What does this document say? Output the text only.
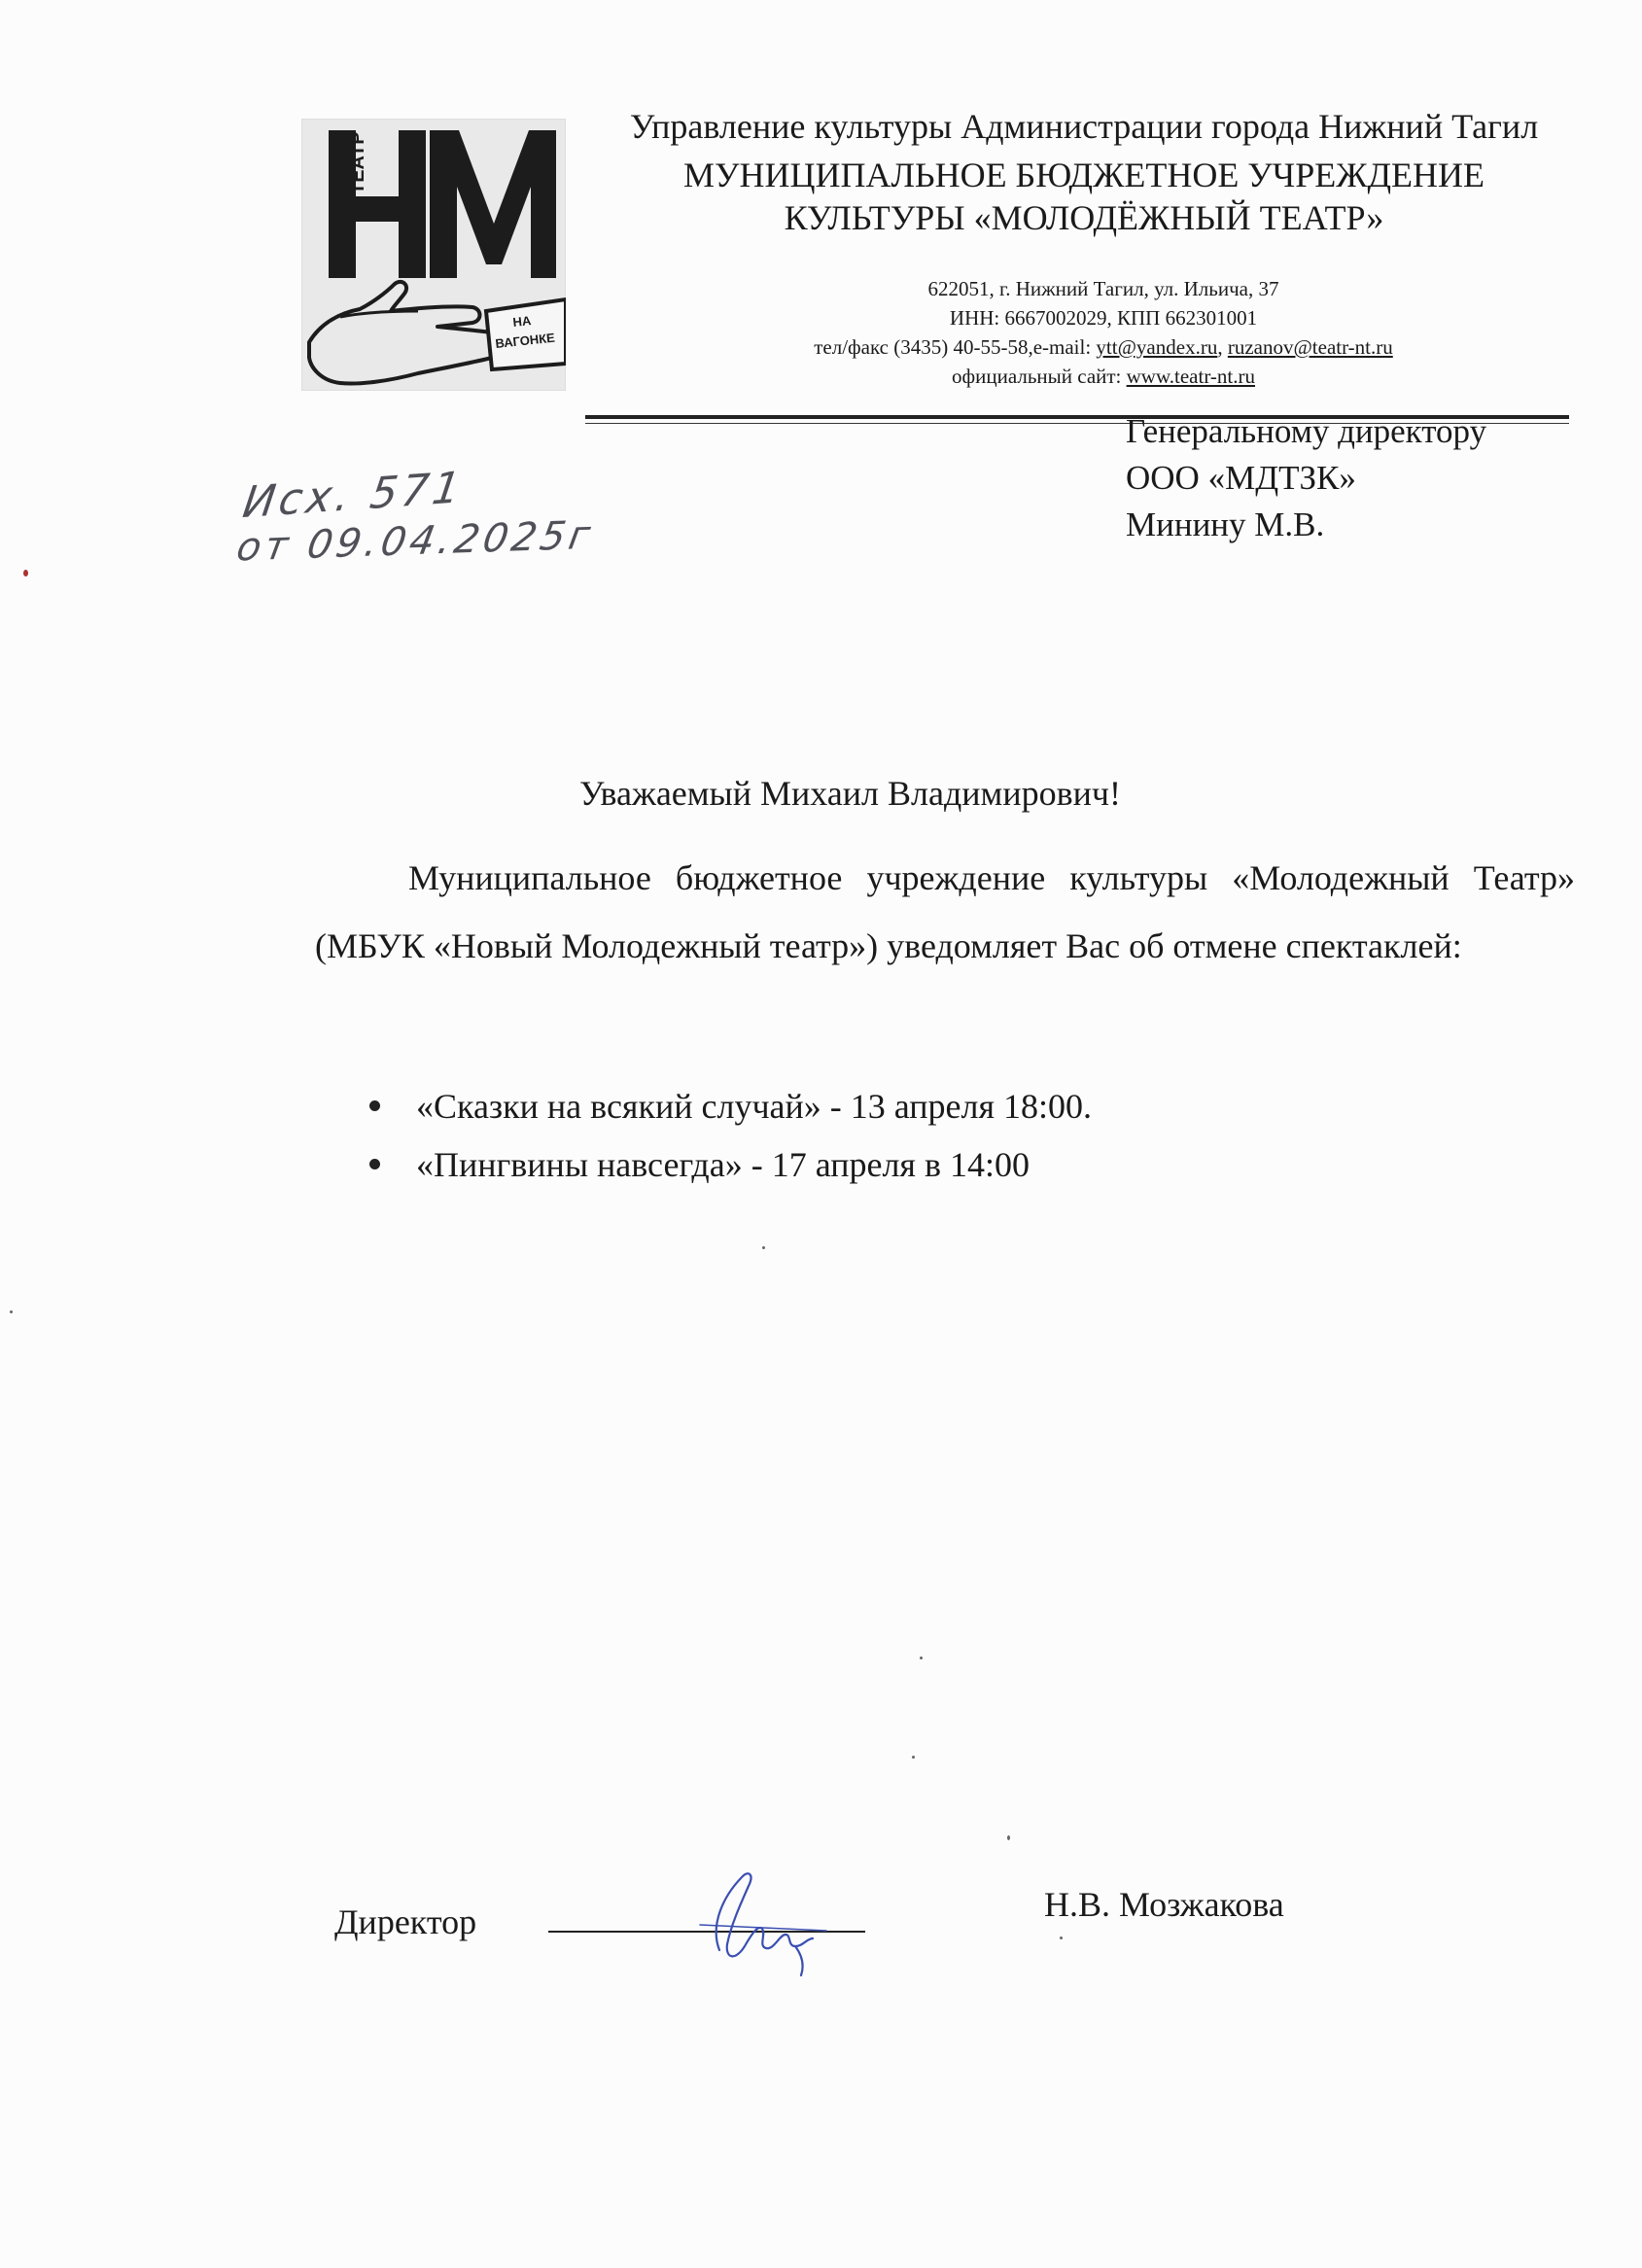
ТЕАТР
НА
ВАГОНКЕ
Управление культуры Администрации города Нижний Тагил
МУНИЦИПАЛЬНОЕ БЮДЖЕТНОЕ УЧРЕЖДЕНИЕ
КУЛЬТУРЫ «МОЛОДЁЖНЫЙ ТЕАТР»
622051, г. Нижний Тагил, ул. Ильича, 37
ИНН: 6667002029, КПП 662301001
тел/факс (3435) 40-55-58,e-mail: ytt@yandex.ru, ruzanov@teatr-nt.ru
официальный сайт: www.teatr-nt.ru
Генеральному директору
ООО «МДТЗК»
Минину М.В.
Исх. 571
от 09.04.2025г
Уважаемый Михаил Владимирович!

Муниципальное бюджетное учреждение культуры «Молодежный Театр» (МБУК «Новый Молодежный театр») уведомляет Вас об отмене спектаклей:

«Сказки на всякий случай» - 13 апреля 18:00.
«Пингвины навсегда» - 17 апреля в 14:00
Директор	Н.В. Мозжакова
